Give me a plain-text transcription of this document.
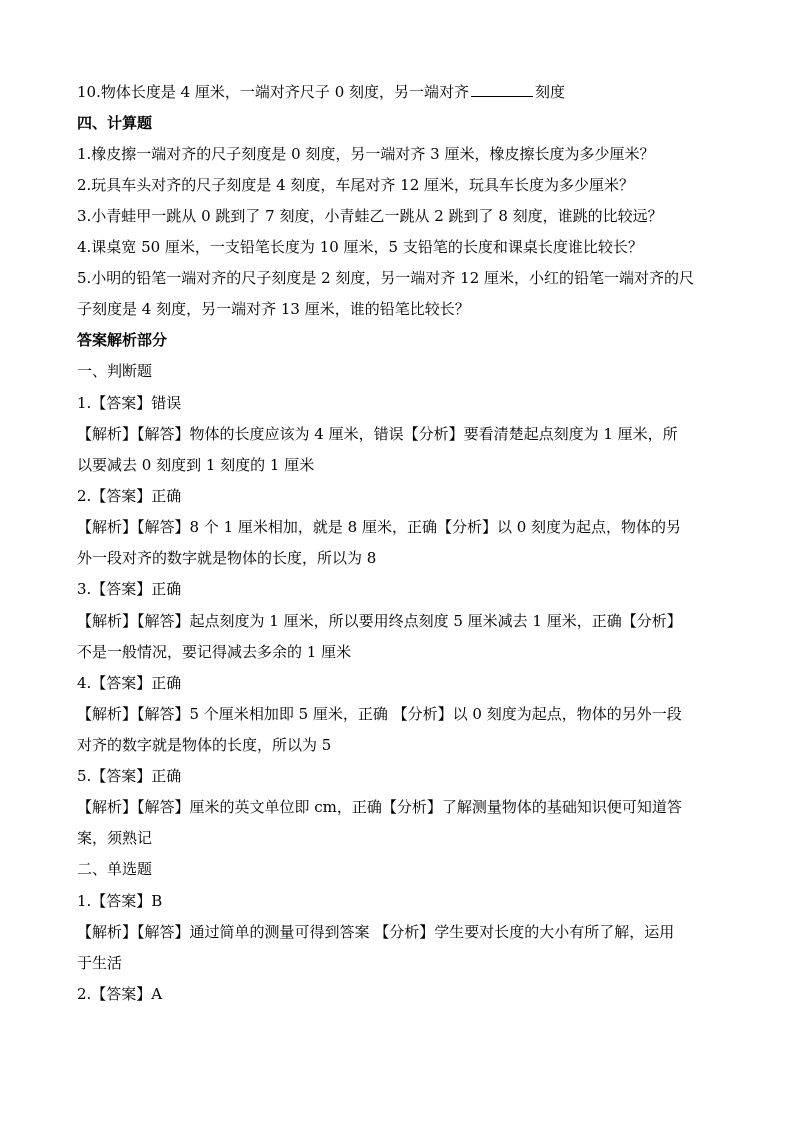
10.物体长度是 4 厘米，一端对齐尺子 0 刻度，另一端对齐	刻度
四、计算题
1.橡皮擦一端对齐的尺子刻度是 0 刻度，另一端对齐 3 厘米，橡皮擦长度为多少厘米？
2.玩具车头对齐的尺子刻度是 4 刻度，车尾对齐 12 厘米，玩具车长度为多少厘米？
3.小青蛙甲一跳从 0 跳到了 7 刻度，小青蛙乙一跳从 2 跳到了 8 刻度，谁跳的比较远？
4.课桌宽 50 厘米，一支铅笔长度为 10 厘米，5 支铅笔的长度和课桌长度谁比较长？
5.小明的铅笔一端对齐的尺子刻度是 2 刻度，另一端对齐 12 厘米，小红的铅笔一端对齐的尺
子刻度是 4 刻度，另一端对齐 13 厘米，谁的铅笔比较长？
答案解析部分
一、判断题
1.【答案】错误
【解析】【解答】物体的长度应该为 4 厘米，错误【分析】要看清楚起点刻度为 1 厘米，所
以要减去 0 刻度到 1 刻度的 1 厘米
2.【答案】正确
【解析】【解答】8 个 1 厘米相加，就是 8 厘米，正确【分析】以 0 刻度为起点，物体的另
外一段对齐的数字就是物体的长度，所以为 8
3.【答案】正确
【解析】【解答】起点刻度为 1 厘米，所以要用终点刻度 5 厘米减去 1 厘米，正确【分析】
不是一般情况，要记得减去多余的 1 厘米
4.【答案】正确
【解析】【解答】5 个厘米相加即 5 厘米，正确 【分析】以 0 刻度为起点，物体的另外一段
对齐的数字就是物体的长度，所以为 5
5.【答案】正确
【解析】【解答】厘米的英文单位即 cm，正确【分析】了解测量物体的基础知识便可知道答
案，须熟记
二、单选题
1.【答案】B
【解析】【解答】通过简单的测量可得到答案 【分析】学生要对长度的大小有所了解，运用
于生活
2.【答案】A
